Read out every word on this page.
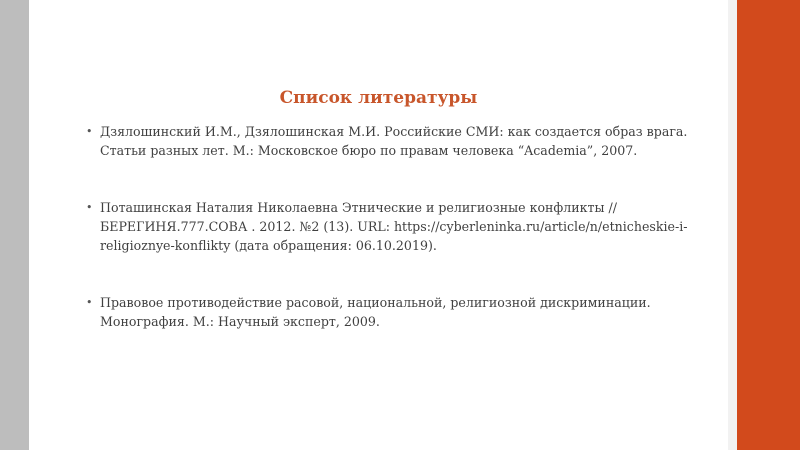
Список литературы
• Дзялошинский И.М., Дзялошинская М.И. Российские СМИ: как создается образ врага. Статьи разных лет. М.: Московское бюро по правам человека “Academia”, 2007.
• Поташинская Наталия Николаевна Этнические и религиозные конфликты // БЕРЕГИНЯ.777.СОВА . 2012. №2 (13). URL: https://cyberleninka.ru/article/n/etnicheskie-i-religioznye-konflikty (дата обращения: 06.10.2019).
• Правовое противодействие расовой, национальной, религиозной дискриминации. Монография. М.: Научный эксперт, 2009.
